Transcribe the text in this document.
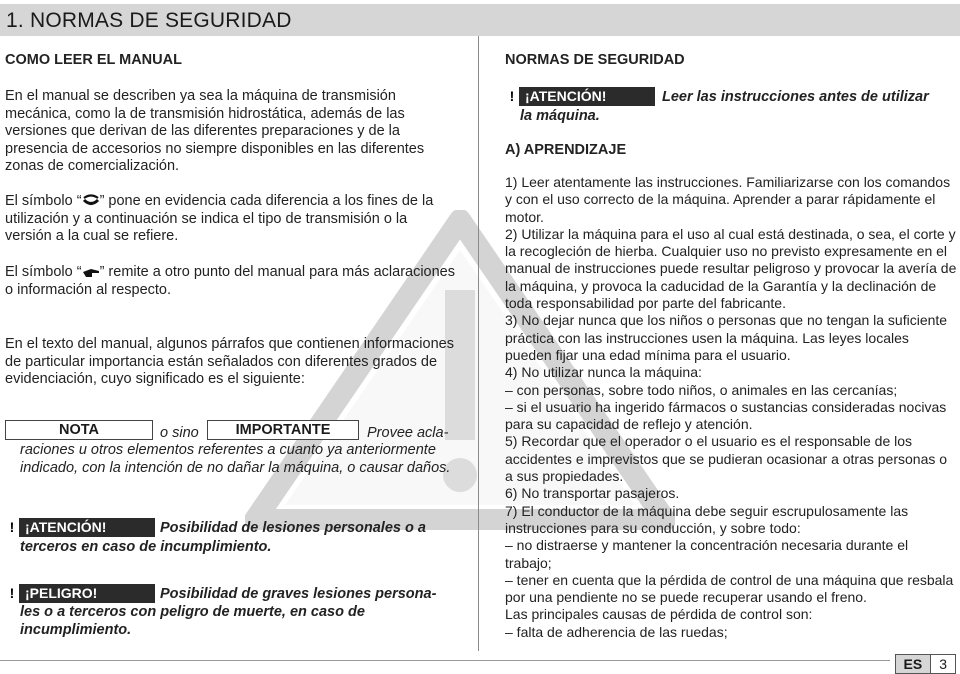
1. NORMAS DE SEGURIDAD
COMO LEER EL MANUAL
En el manual se describen ya sea la máquina de transmisión mecánica, como la de transmisión hidrostática, además de las versiones que derivan de las diferentes preparaciones y de la presencia de accesorios no siempre disponibles en las diferentes zonas de comercialización.
El símbolo “ ” pone en evidencia cada diferencia a los fines de la utilización y a continuación se indica el tipo de transmisión o la versión a la cual se refiere.
El símbolo “ ” remite a otro punto del manual para más aclaraciones o información al respecto.
En el texto del manual, algunos párrafos que contienen informaciones de particular importancia están señalados con diferentes grados de evidenciación, cuyo significado es el siguiente:
NOTA	o sino	IMPORTANTE	Provee acla-
raciones u otros elementos referentes a cuanto ya anteriormente indicado, con la intención de no dañar la máquina, o causar daños.
! ¡ATENCIÓN!	Posibilidad de lesiones personales o a
terceros en caso de incumplimiento.
! ¡PELIGRO!	Posibilidad de graves lesiones persona-
les o a terceros con peligro de muerte, en caso de incumplimiento.
NORMAS DE SEGURIDAD
! ¡ATENCIÓN!	Leer las instrucciones antes de utilizar
la máquina.
A) APRENDIZAJE
1) Leer atentamente las instrucciones. Familiarizarse con los comandos y con el uso correcto de la máquina. Aprender a parar rápidamente el motor.
2) Utilizar la máquina para el uso al cual está destinada, o sea, el corte y la recogleción de hierba. Cualquier uso no previsto expresamente en el manual de instrucciones puede resultar peligroso y provocar la avería de la máquina, y provoca la caducidad de la Garantía y la declinación de toda responsabilidad por parte del fabricante.
3) No dejar nunca que los niños o personas que no tengan la suficiente práctica con las instrucciones usen la máquina. Las leyes locales pueden fijar una edad mínima para el usuario.
4) No utilizar nunca la máquina:
– con personas, sobre todo niños, o animales en las cercanías;
– si el usuario ha ingerido fármacos o sustancias consideradas nocivas para su capacidad de reflejo y atención.
5) Recordar que el operador o el usuario es el responsable de los accidentes e imprevistos que se pudieran ocasionar a otras personas o a sus propiedades.
6) No transportar pasajeros.
7) El conductor de la máquina debe seguir escrupulosamente las instrucciones para su conducción, y sobre todo:
– no distraerse y mantener la concentración necesaria durante el trabajo;
– tener en cuenta que la pérdida de control de una máquina que resbala por una pendiente no se puede recuperar usando el freno.
Las principales causas de pérdida de control son:
– falta de adherencia de las ruedas;
ES	3
